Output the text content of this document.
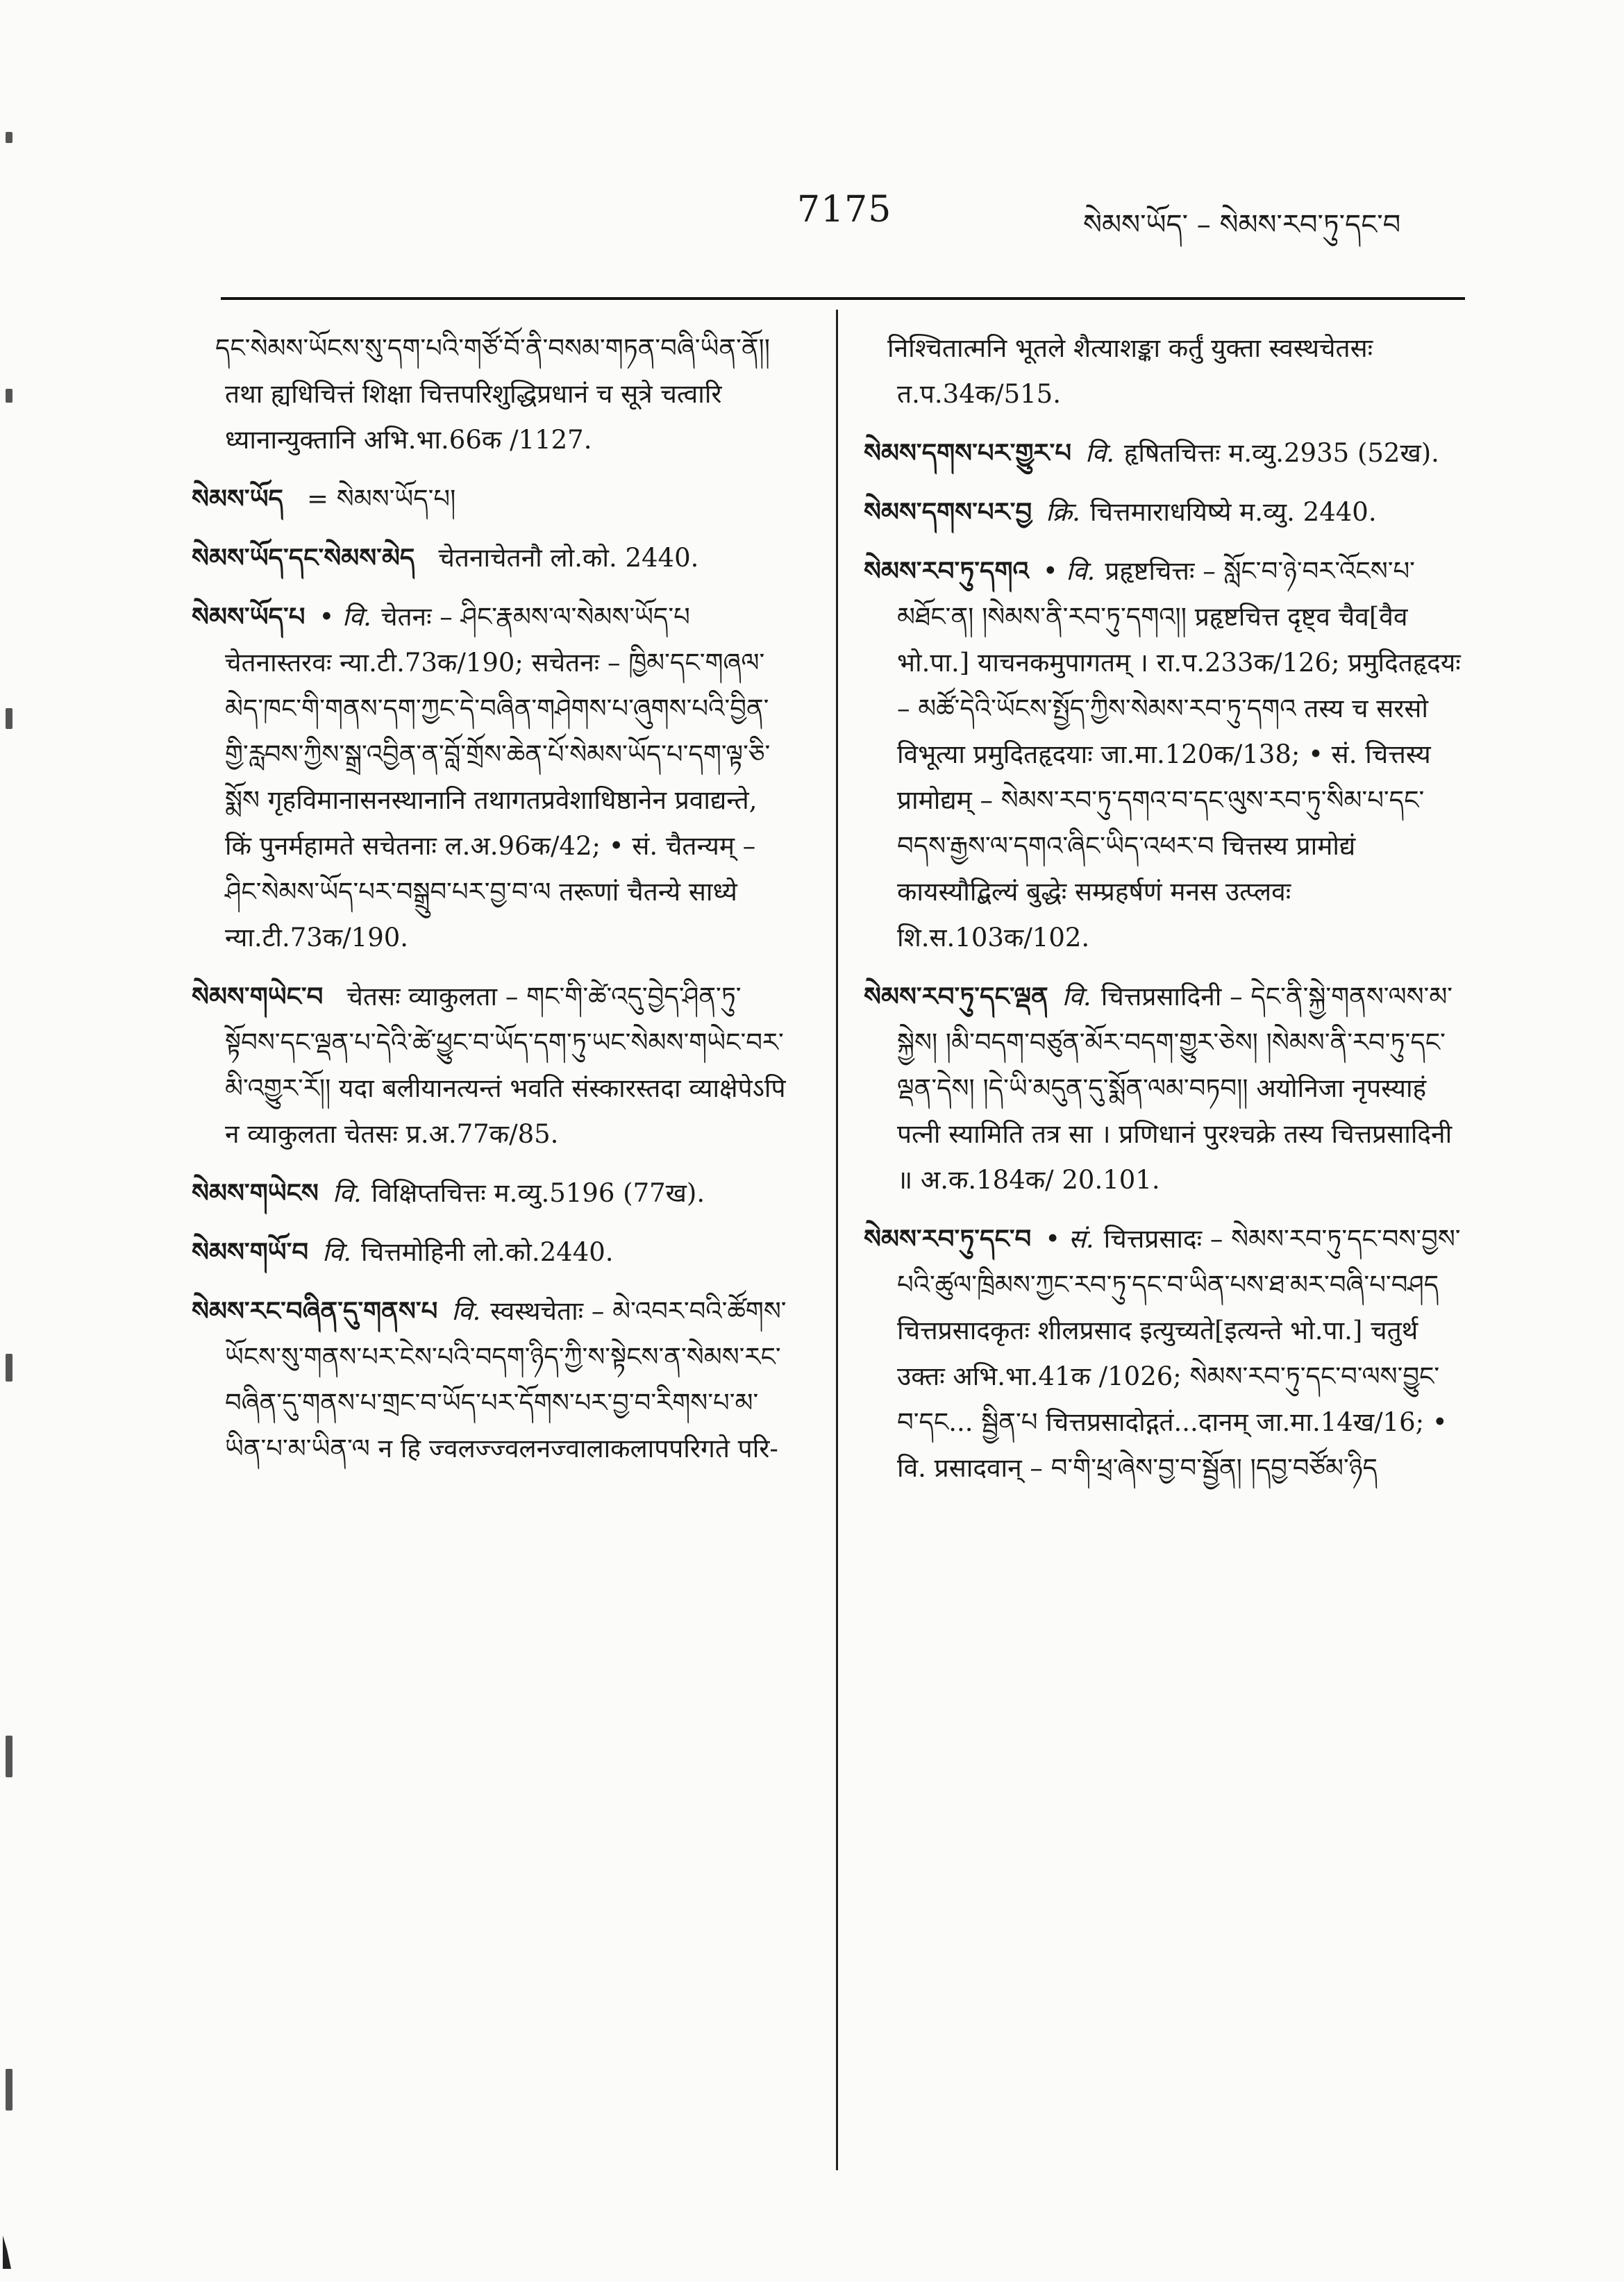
7175	སེམས་ཡོད་ – སེམས་རབ་ཏུ་དང་བ

དང་སེམས་ཡོངས་སུ་དག་པའི་གཙོ་བོ་ནི་བསམ་གཏན་བཞི་ཡིན་ནོ།། तथा ह्यधिचित्तं शिक्षा चित्तपरिशुद्धिप्रधानं च सूत्रे चत्वारि ध्यानान्युक्तानि अभि.भा.66क /1127.

སེམས་ཡོད = སེམས་ཡོད་པ།

སེམས་ཡོད་དང་སེམས་མེད चेतनाचेतनौ लो.को. 2440.

སེམས་ཡོད་པ • वि. चेतनः – ཤིང་རྣམས་ལ་སེམས་ཡོད་པ चेतनास्तरवः न्या.टी.73क/190; सचेतनः – ཁྱིམ་དང་གཞལ་མེད་ཁང་གི་གནས་དག་ཀྱང་དེ་བཞིན་གཤེགས་པ་ཞུགས་པའི་བྱིན་གྱི་རླབས་ཀྱིས་སྒྲ་འབྱིན་ན་བློ་གྲོས་ཆེན་པོ་སེམས་ཡོད་པ་དག་ལྟ་ཅི་སྨོས गृहविमानासनस्थानानि तथागतप्रवेशाधिष्ठानेन प्रवाद्यन्ते, किं पुनर्महामते सचेतनाः ल.अ.96क/42; • सं. चैतन्यम् – ཤིང་སེམས་ཡོད་པར་བསྒྲུབ་པར་བྱ་བ་ལ तरूणां चैतन्ये साध्ये न्या.टी.73क/190.

སེམས་གཡེང་བ चेतसः व्याकुलता – གང་གི་ཚེ་འདུ་བྱེད་ཤིན་ཏུ་སྟོབས་དང་ལྡན་པ་དེའི་ཚེ་ཕྱུང་བ་ཡོད་དག་ཏུ་ཡང་སེམས་གཡེང་བར་མི་འགྱུར་རོ།། यदा बलीयानत्यन्तं भवति संस्कारस्तदा व्याक्षेपेऽपि न व्याकुलता चेतसः प्र.अ.77क/85.

སེམས་གཡེངས वि. विक्षिप्तचित्तः म.व्यु.5196 (77ख).

སེམས་གཡོ་བ वि. चित्तमोहिनी लो.को.2440.

སེམས་རང་བཞིན་དུ་གནས་པ वि. स्वस्थचेताः – མེ་འབར་བའི་ཚོགས་ཡོངས་སུ་གནས་པར་ངེས་པའི་བདག་ཉིད་ཀྱི་ས་སྟེངས་ན་སེམས་རང་བཞིན་དུ་གནས་པ་གྲང་བ་ཡོད་པར་དོགས་པར་བྱ་བ་རིགས་པ་མ་ཡིན་པ་མ་ཡིན་ལ न हि ज्वलज्ज्वलनज्वालाकलापपरिगते परि-

निश्चितात्मनि भूतले शैत्याशङ्का कर्तुं युक्ता स्वस्थचेतसः त.प.34क/515.

སེམས་དགས་པར་གྱུར་པ वि. हृषितचित्तः म.व्यु.2935 (52ख).

སེམས་དགས་པར་བྱ क्रि. चित्तमाराधयिष्ये म.व्यु. 2440.

སེམས་རབ་ཏུ་དགའ • वि. प्रहृष्टचित्तः – སློང་བ་ཉེ་བར་འོངས་པ་མཐོང་ན། །སེམས་ནི་རབ་ཏུ་དགའ།། प्रहृष्टचित्त दृष्ट्व चैव[वैव भो.पा.] याचनकमुपागतम् । रा.प.233क/126; प्रमुदितहृदयः – མཚོ་དེའི་ཡོངས་སྤྱོད་ཀྱིས་སེམས་རབ་ཏུ་དགའ तस्य च सरसो विभूत्या प्रमुदितहृदयाः जा.मा.120क/138; • सं. चित्तस्य प्रामोद्यम् – སེམས་རབ་ཏུ་དགའ་བ་དང་ལུས་རབ་ཏུ་སིམ་པ་དང་བདས་རྒྱས་ལ་དགའ་ཞིང་ཡིད་འཕར་བ चित्तस्य प्रामोद्यं कायस्यौद्बिल्यं बुद्धेः सम्प्रहर्षणं मनस उत्प्लवः शि.स.103क/102.

སེམས་རབ་ཏུ་དང་ལྡན वि. चित्तप्रसादिनी – དེང་ནི་སྐྱེ་གནས་ལས་མ་སྐྱེས། །མི་བདག་བཙུན་མོར་བདག་གྱུར་ཅེས། །སེམས་ནི་རབ་ཏུ་དང་ལྡན་དེས། །དེ་ཡི་མདུན་དུ་སྨོན་ལམ་བཏབ།། अयोनिजा नृपस्याहं पत्नी स्यामिति तत्र सा । प्रणिधानं पुरश्चक्रे तस्य चित्तप्रसादिनी ॥ अ.क.184क/ 20.101.

སེམས་རབ་ཏུ་དང་བ • सं. चित्तप्रसादः – སེམས་རབ་ཏུ་དང་བས་བྱས་པའི་ཚུལ་ཁྲིམས་ཀྱང་རབ་ཏུ་དང་བ་ཡིན་པས་ཐ་མར་བཞི་པ་བཤད चित्तप्रसादकृतः शीलप्रसाद इत्युच्यते[इत्यन्ते भो.पा.] चतुर्थ उक्तः अभि.भा.41क /1026; སེམས་རབ་ཏུ་དང་བ་ལས་བྱུང་བ་དང... སྦྱིན་པ चित्तप्रसादोद्गतं...दानम् जा.मा.14ख/16; • वि. प्रसादवान् – བ་གི་ཕྲ་ཞེས་བྱ་བ་སྦྱོན། །དབྱ་བཙོམ་ཉིད
